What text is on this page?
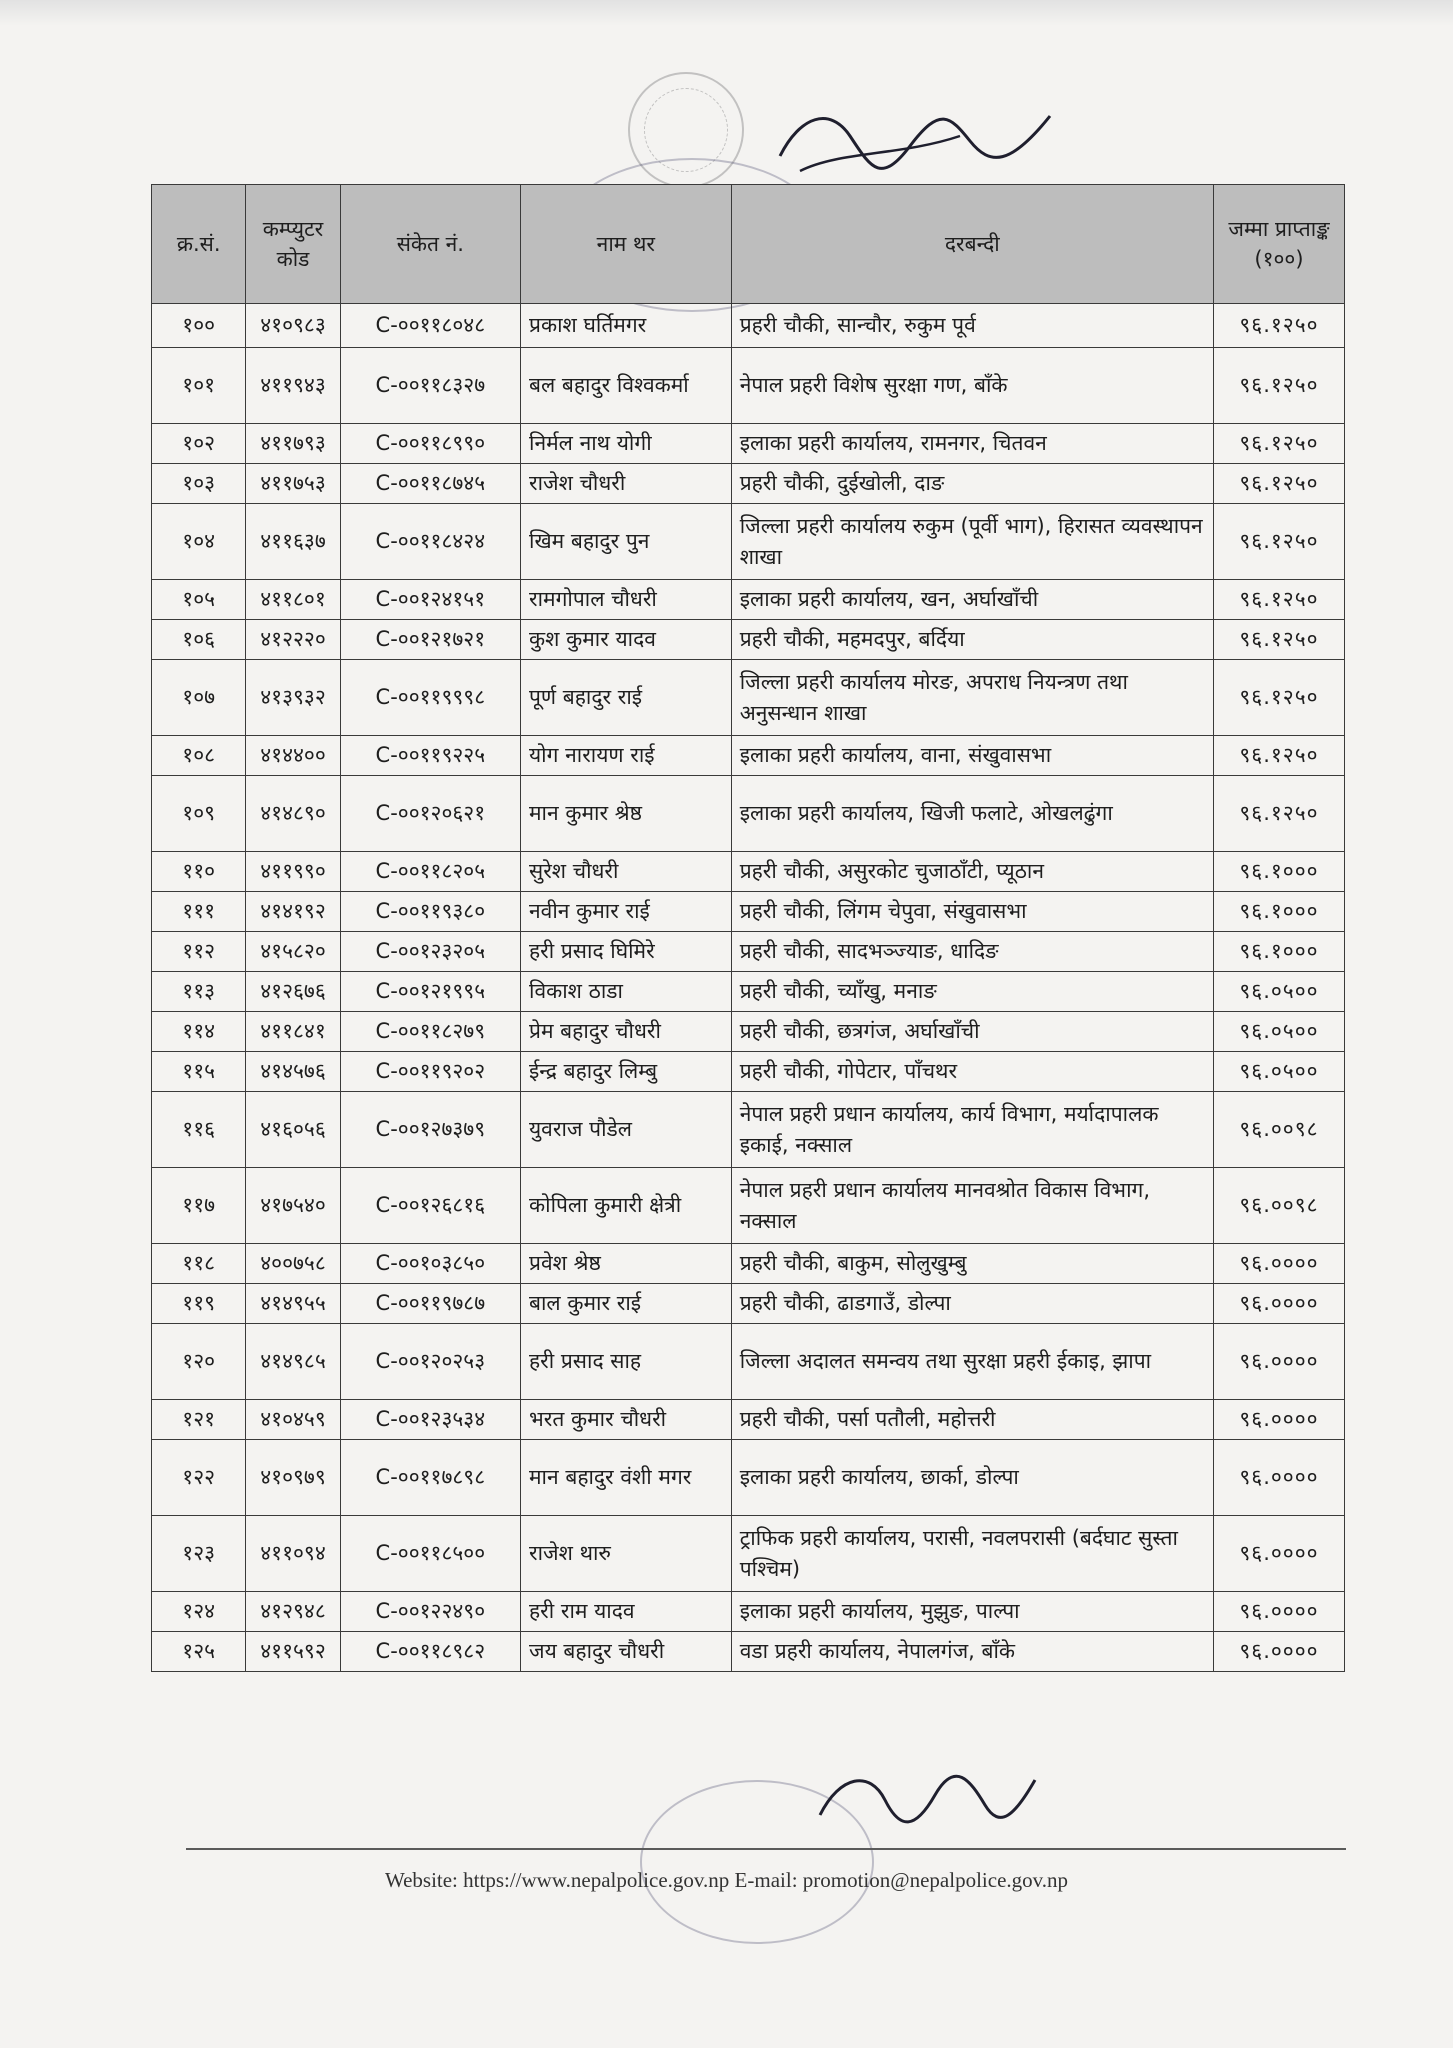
क्र.सं.	कम्प्युटर कोड	संकेत नं.	नाम थर	दरबन्दी	जम्मा प्राप्ताङ्क (१००)
१००	४१०९८३	C-००११८०४८	प्रकाश घर्तिमगर	प्रहरी चौकी, सान्चौर, रुकुम पूर्व	९६.१२५०
१०१	४११९४३	C-००११८३२७	बल बहादुर विश्वकर्मा	नेपाल प्रहरी विशेष सुरक्षा गण, बाँके	९६.१२५०
१०२	४११७९३	C-००११८९९०	निर्मल नाथ योगी	इलाका प्रहरी कार्यालय, रामनगर, चितवन	९६.१२५०
१०३	४११७५३	C-००११८७४५	राजेश चौधरी	प्रहरी चौकी, दुईखोली, दाङ	९६.१२५०
१०४	४११६३७	C-००११८४२४	खिम बहादुर पुन	जिल्ला प्रहरी कार्यालय रुकुम (पूर्वी भाग), हिरासत व्यवस्थापन शाखा	९६.१२५०
१०५	४११८०१	C-००१२४१५१	रामगोपाल चौधरी	इलाका प्रहरी कार्यालय, खन, अर्घाखाँची	९६.१२५०
१०६	४१२२२०	C-००१२१७२१	कुश कुमार यादव	प्रहरी चौकी, महमदपुर, बर्दिया	९६.१२५०
१०७	४१३९३२	C-००११९९९८	पूर्ण बहादुर राई	जिल्ला प्रहरी कार्यालय मोरङ, अपराध नियन्त्रण तथा अनुसन्धान शाखा	९६.१२५०
१०८	४१४४००	C-००११९२२५	योग नारायण राई	इलाका प्रहरी कार्यालय, वाना, संखुवासभा	९६.१२५०
१०९	४१४८९०	C-००१२०६२१	मान कुमार श्रेष्ठ	इलाका प्रहरी कार्यालय, खिजी फलाटे, ओखलढुंगा	९६.१२५०
११०	४११९९०	C-००११८२०५	सुरेश चौधरी	प्रहरी चौकी, असुरकोट चुजाठाँटी, प्यूठान	९६.१०००
१११	४१४१९२	C-००११९३८०	नवीन कुमार राई	प्रहरी चौकी, लिंगम चेपुवा, संखुवासभा	९६.१०००
११२	४१५८२०	C-००१२३२०५	हरी प्रसाद घिमिरे	प्रहरी चौकी, सादभञ्ज्याङ, धादिङ	९६.१०००
११३	४१२६७६	C-००१२१९९५	विकाश ठाडा	प्रहरी चौकी, च्याँखु, मनाङ	९६.०५००
११४	४११८४१	C-००११८२७९	प्रेम बहादुर चौधरी	प्रहरी चौकी, छत्रगंज, अर्घाखाँची	९६.०५००
११५	४१४५७६	C-००११९२०२	ईन्द्र बहादुर लिम्बु	प्रहरी चौकी, गोपेटार, पाँचथर	९६.०५००
११६	४१६०५६	C-००१२७३७९	युवराज पौडेल	नेपाल प्रहरी प्रधान कार्यालय, कार्य विभाग, मर्यादापालक इकाई, नक्साल	९६.००९८
११७	४१७५४०	C-००१२६८१६	कोपिला कुमारी क्षेत्री	नेपाल प्रहरी प्रधान कार्यालय मानवश्रोत विकास विभाग, नक्साल	९६.००९८
११८	४००७५८	C-००१०३८५०	प्रवेश श्रेष्ठ	प्रहरी चौकी, बाकुम, सोलुखुम्बु	९६.००००
११९	४१४९५५	C-००११९७८७	बाल कुमार राई	प्रहरी चौकी, ढाडगाउँ, डोल्पा	९६.००००
१२०	४१४९८५	C-००१२०२५३	हरी प्रसाद साह	जिल्ला अदालत समन्वय तथा सुरक्षा प्रहरी ईकाइ, झापा	९६.००००
१२१	४१०४५९	C-००१२३५३४	भरत कुमार चौधरी	प्रहरी चौकी, पर्सा पतौली, महोत्तरी	९६.००००
१२२	४१०९७९	C-००११७८९८	मान बहादुर वंशी मगर	इलाका प्रहरी कार्यालय, छार्का, डोल्पा	९६.००००
१२३	४११०९४	C-००११८५००	राजेश थारु	ट्राफिक प्रहरी कार्यालय, परासी, नवलपरासी (बर्दघाट सुस्ता पश्चिम)	९६.००००
१२४	४१२९४८	C-००१२२४९०	हरी राम यादव	इलाका प्रहरी कार्यालय, मुझुङ, पाल्पा	९६.००००
१२५	४११५९२	C-००११८९८२	जय बहादुर चौधरी	वडा प्रहरी कार्यालय, नेपालगंज, बाँके	९६.००००
Website: https://www.nepalpolice.gov.np E-mail: promotion@nepalpolice.gov.np
